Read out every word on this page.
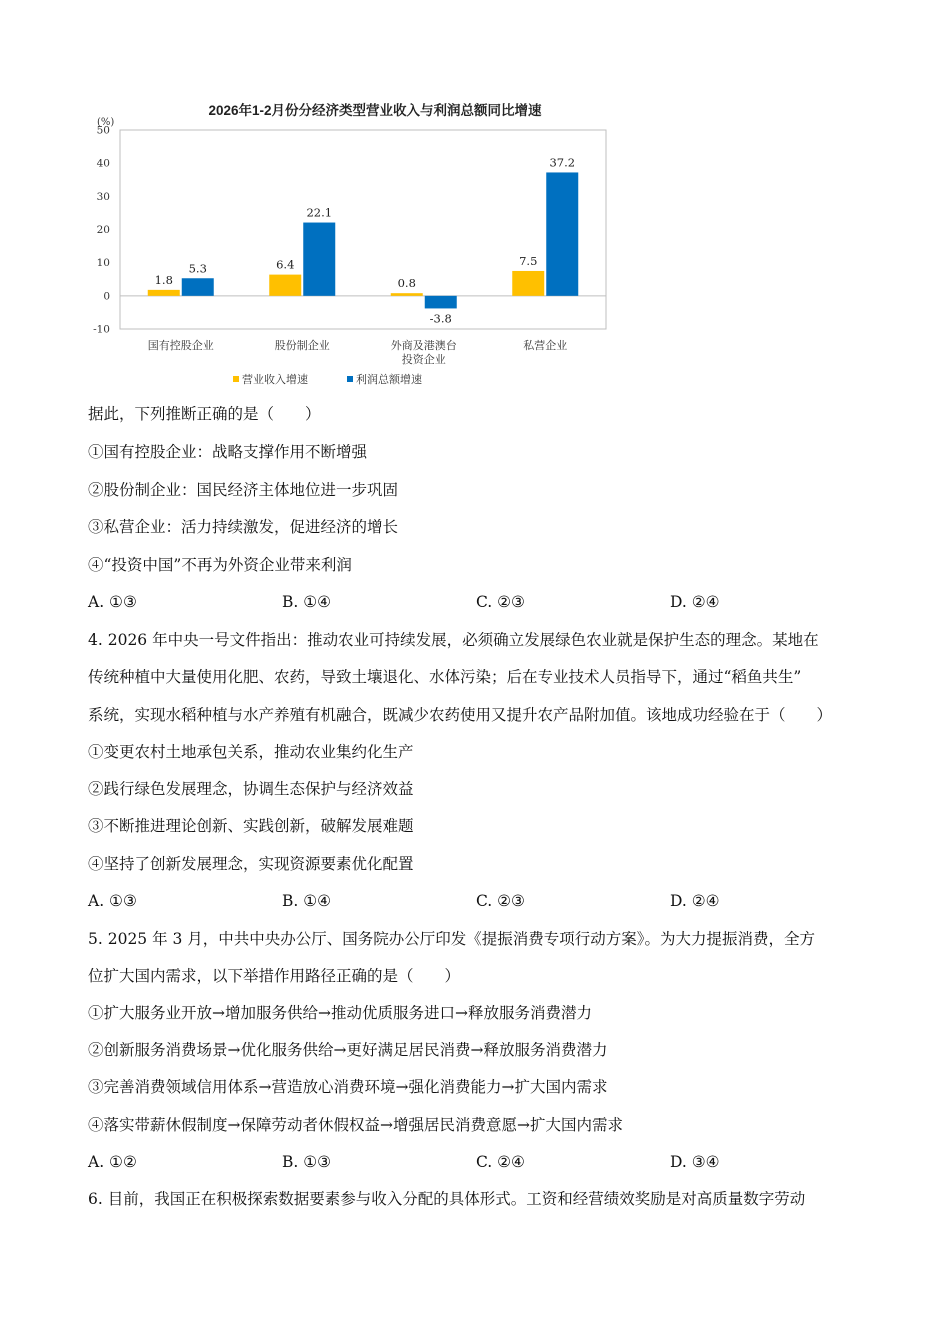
2026年1-2月份分经济类型营业收入与利润总额同比增速
(%)
-10
0
10
20
30
40
50
1.8
5.3	6.4
22.1
0.8
-3.8
7.5
37.2
国有控股企业	股份制企业	外商及港澳台
投资企业
私营企业
营业收入增速	利润总额增速
据此，下列推断正确的是（　　）
①国有控股企业：战略支撑作用不断增强
②股份制企业：国民经济主体地位进一步巩固
③私营企业：活力持续激发，促进经济的增长
④“投资中国”不再为外资企业带来利润
A. ①③	B. ①④	C. ②③	D. ②④
4. 2026 年中央一号文件指出：推动农业可持续发展，必须确立发展绿色农业就是保护生态的理念。某地在
传统种植中大量使用化肥、农药，导致土壤退化、水体污染；后在专业技术人员指导下，通过“稻鱼共生”
系统，实现水稻种植与水产养殖有机融合，既减少农药使用又提升农产品附加值。该地成功经验在于（　　）
①变更农村土地承包关系，推动农业集约化生产
②践行绿色发展理念，协调生态保护与经济效益
③不断推进理论创新、实践创新，破解发展难题
④坚持了创新发展理念，实现资源要素优化配置
A. ①③	B. ①④	C. ②③	D. ②④
5. 2025 年 3 月，中共中央办公厅、国务院办公厅印发《提振消费专项行动方案》。为大力提振消费，全方
位扩大国内需求，以下举措作用路径正确的是（　　）
①扩大服务业开放→增加服务供给→推动优质服务进口→释放服务消费潜力
②创新服务消费场景→优化服务供给→更好满足居民消费→释放服务消费潜力
③完善消费领域信用体系→营造放心消费环境→强化消费能力→扩大国内需求
④落实带薪休假制度→保障劳动者休假权益→增强居民消费意愿→扩大国内需求
A. ①②	B. ①③	C. ②④	D. ③④
6. 目前，我国正在积极探索数据要素参与收入分配的具体形式。工资和经营绩效奖励是对高质量数字劳动
